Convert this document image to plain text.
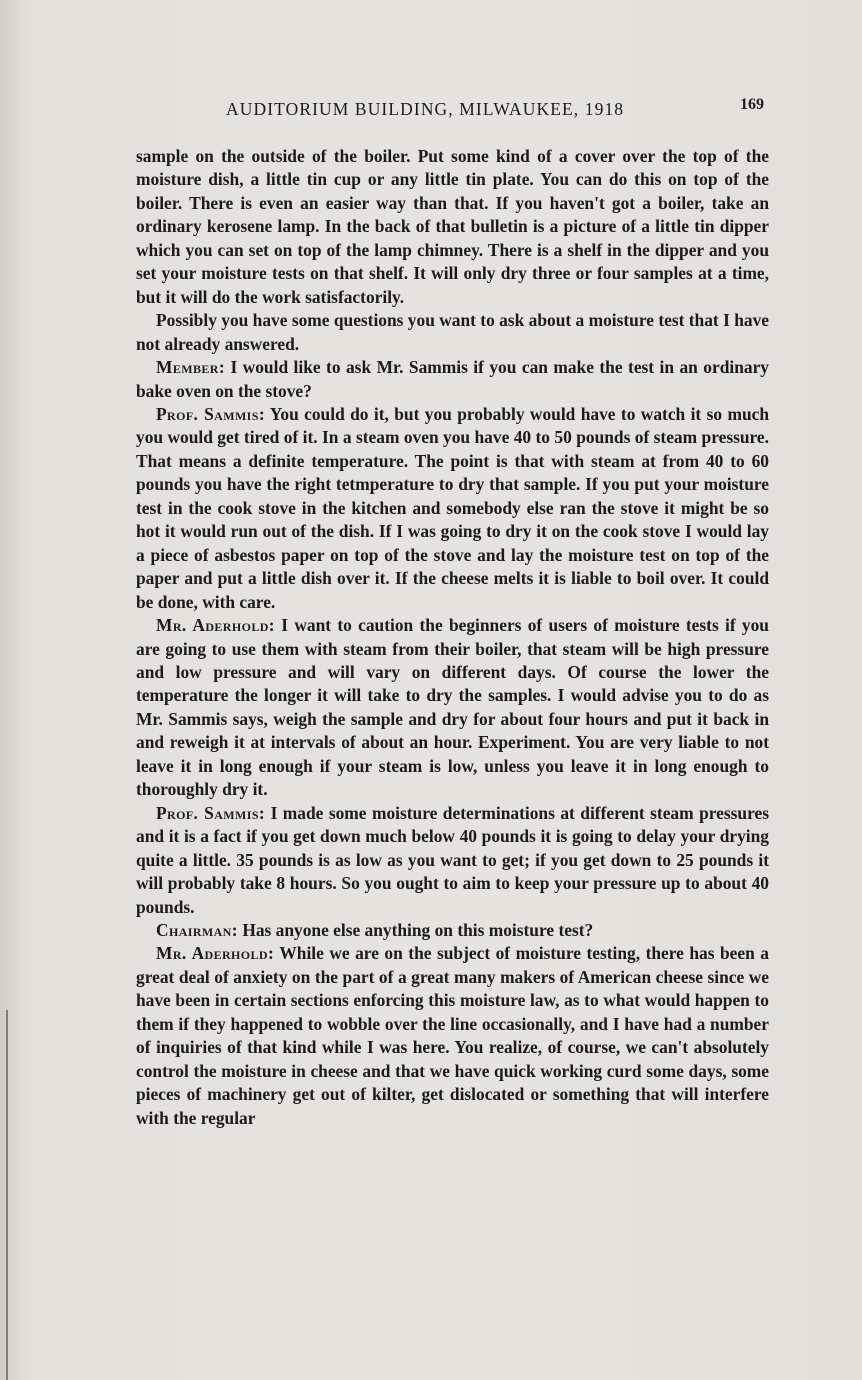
AUDITORIUM BUILDING, MILWAUKEE, 1918	169

sample on the outside of the boiler. Put some kind of a cover over the top of the moisture dish, a little tin cup or any little tin plate. You can do this on top of the boiler. There is even an easier way than that. If you haven't got a boiler, take an ordinary kerosene lamp. In the back of that bulletin is a picture of a little tin dipper which you can set on top of the lamp chimney. There is a shelf in the dipper and you set your moisture tests on that shelf. It will only dry three or four samples at a time, but it will do the work satisfactorily.

Possibly you have some questions you want to ask about a moisture test that I have not already answered.

Member: I would like to ask Mr. Sammis if you can make the test in an ordinary bake oven on the stove?

Prof. Sammis: You could do it, but you probably would have to watch it so much you would get tired of it. In a steam oven you have 40 to 50 pounds of steam pressure. That means a definite temperature. The point is that with steam at from 40 to 60 pounds you have the right tetmperature to dry that sample. If you put your moisture test in the cook stove in the kitchen and somebody else ran the stove it might be so hot it would run out of the dish. If I was going to dry it on the cook stove I would lay a piece of asbestos paper on top of the stove and lay the moisture test on top of the paper and put a little dish over it. If the cheese melts it is liable to boil over. It could be done, with care.

Mr. Aderhold: I want to caution the beginners of users of moisture tests if you are going to use them with steam from their boiler, that steam will be high pressure and low pressure and will vary on different days. Of course the lower the temperature the longer it will take to dry the samples. I would advise you to do as Mr. Sammis says, weigh the sample and dry for about four hours and put it back in and reweigh it at intervals of about an hour. Experiment. You are very liable to not leave it in long enough if your steam is low, unless you leave it in long enough to thoroughly dry it.

Prof. Sammis: I made some moisture determinations at different steam pressures and it is a fact if you get down much below 40 pounds it is going to delay your drying quite a little. 35 pounds is as low as you want to get; if you get down to 25 pounds it will probably take 8 hours. So you ought to aim to keep your pressure up to about 40 pounds.

Chairman: Has anyone else anything on this moisture test?

Mr. Aderhold: While we are on the subject of moisture testing, there has been a great deal of anxiety on the part of a great many makers of American cheese since we have been in certain sections enforcing this moisture law, as to what would happen to them if they happened to wobble over the line occasionally, and I have had a number of inquiries of that kind while I was here. You realize, of course, we can't absolutely control the moisture in cheese and that we have quick working curd some days, some pieces of machinery get out of kilter, get dislocated or something that will interfere with the regular
